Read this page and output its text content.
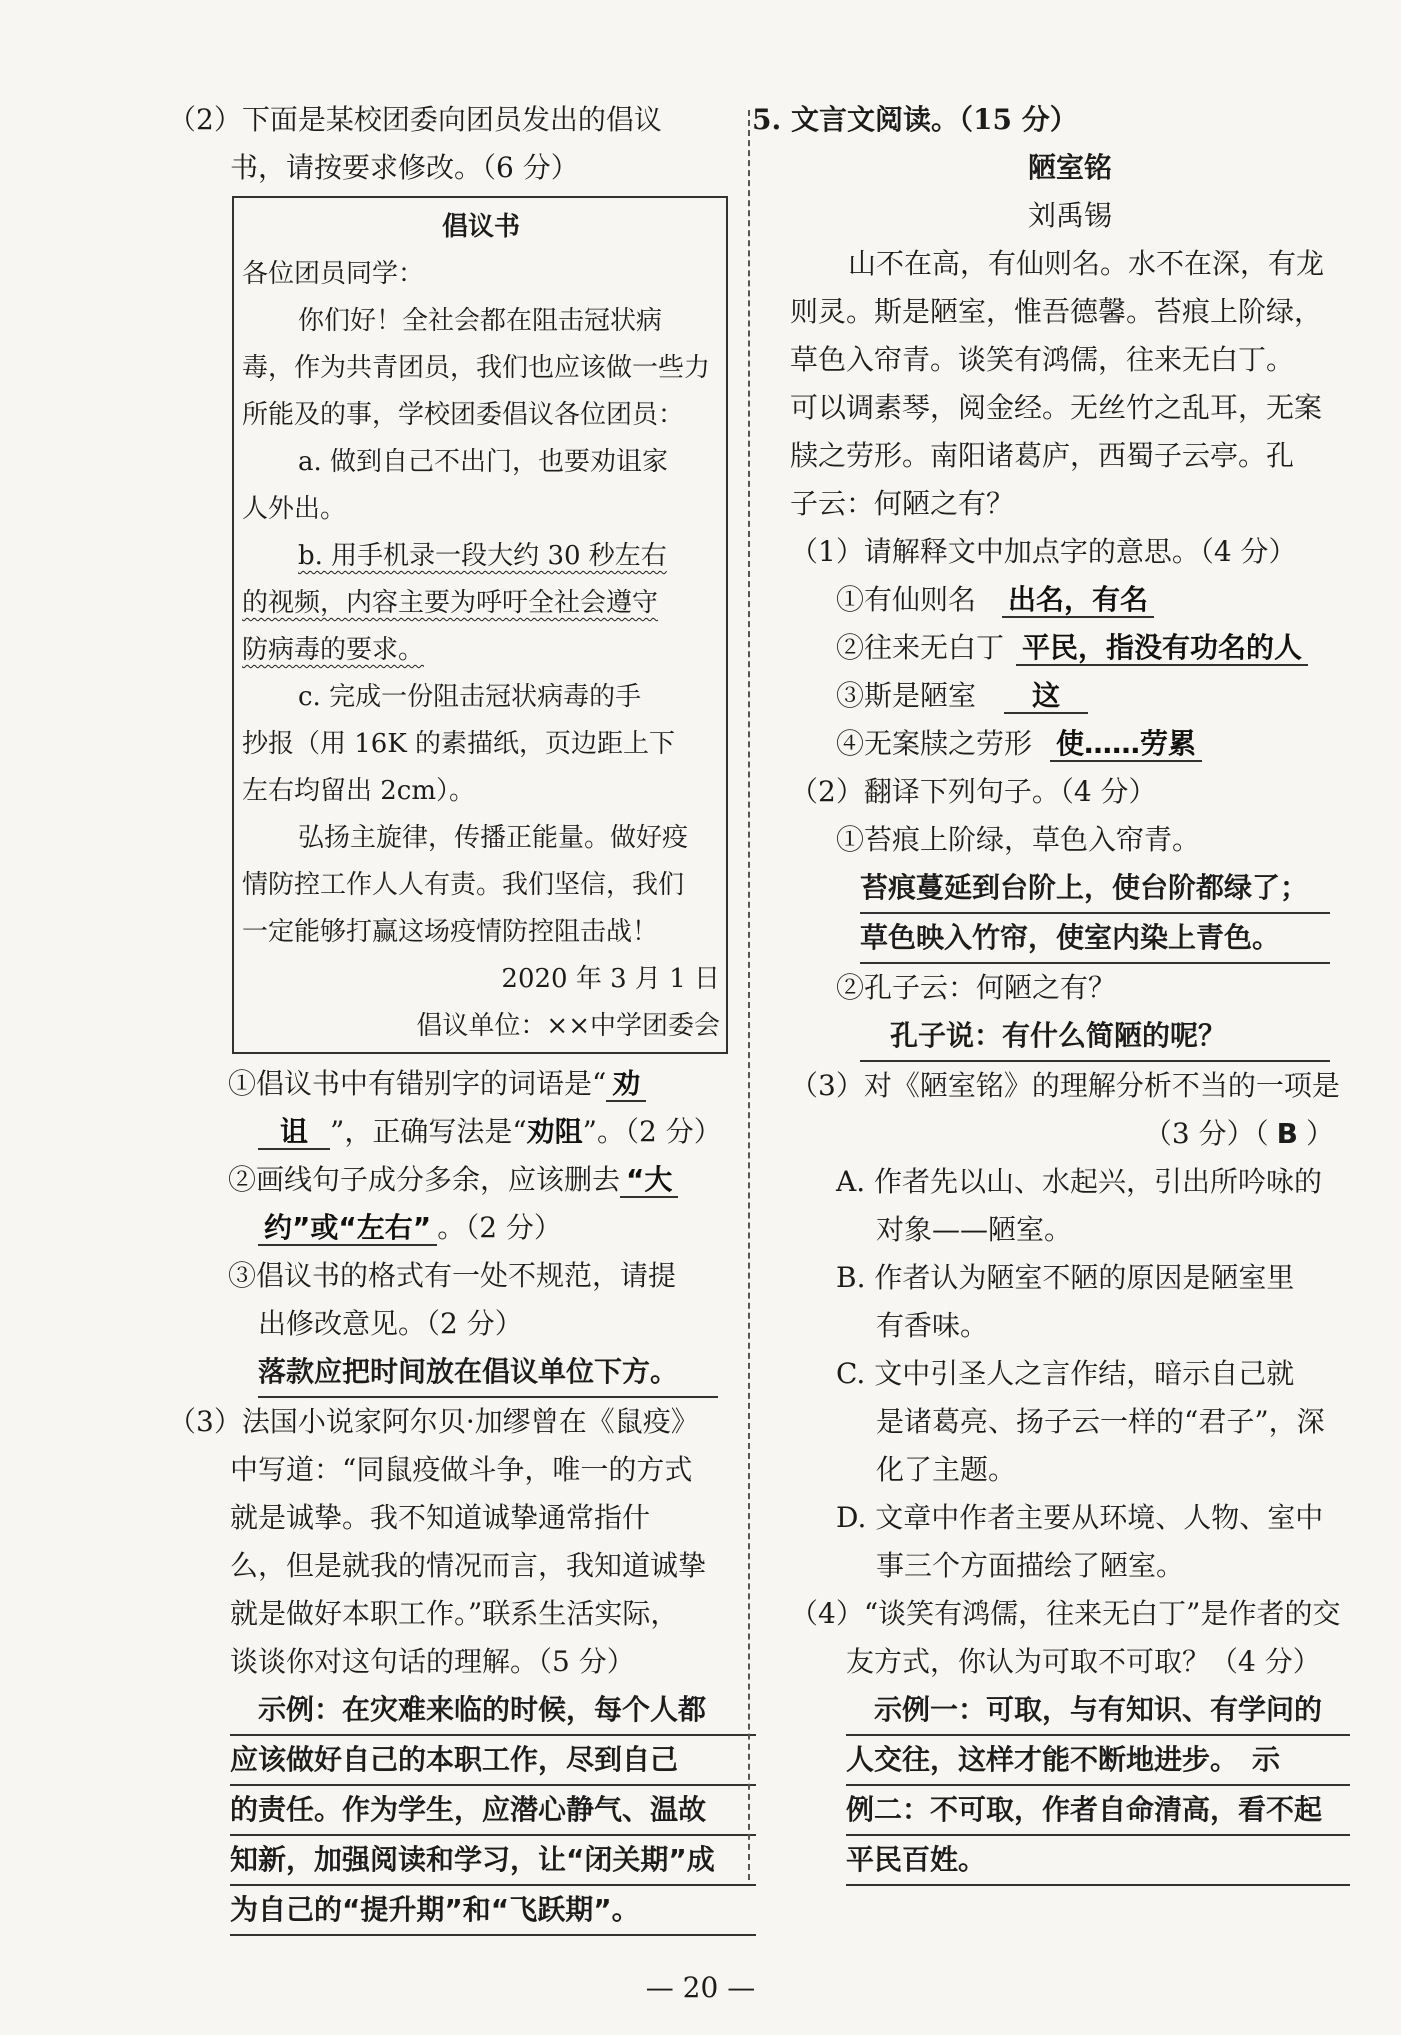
（2）下面是某校团委向团员发出的倡议
书，请按要求修改。（6 分）
倡议书
各位团员同学：
你们好！全社会都在阻击冠状病
毒，作为共青团员，我们也应该做一些力
所能及的事，学校团委倡议各位团员：
a. 做到自己不出门，也要劝诅家
人外出。
b. 用手机录一段大约 30 秒左右
的视频，内容主要为呼吁全社会遵守
防病毒的要求。
c. 完成一份阻击冠状病毒的手
抄报（用 16K 的素描纸，页边距上下
左右均留出 2cm）。
弘扬主旋律，传播正能量。做好疫
情防控工作人人有责。我们坚信，我们
一定能够打赢这场疫情防控阻击战！
2020 年 3 月 1 日
倡议单位：××中学团委会
①倡议书中有错别字的词语是“ 劝
诅 ”，正确写法是“劝阻”。（2 分）
②画线句子成分多余，应该删去 “大
约”或“左右” 。（2 分）
③倡议书的格式有一处不规范，请提
出修改意见。（2 分）
落款应把时间放在倡议单位下方。
（3）法国小说家阿尔贝·加缪曾在《鼠疫》
中写道：“同鼠疫做斗争，唯一的方式
就是诚挚。我不知道诚挚通常指什
么，但是就我的情况而言，我知道诚挚
就是做好本职工作。”联系生活实际，
谈谈你对这句话的理解。（5 分）
示例：在灾难来临的时候，每个人都
应该做好自己的本职工作，尽到自己
的责任。作为学生，应潜心静气、温故
知新，加强阅读和学习，让“闭关期”成
为自己的“提升期”和“飞跃期”。
5. 文言文阅读。（15 分）
陋室铭
刘禹锡
山不在高，有仙则名。水不在深，有龙
则灵。斯是陋室，惟吾德馨。苔痕上阶绿，
草色入帘青。谈笑有鸿儒，往来无白丁。
可以调素琴，阅金经。无丝竹之乱耳，无案
牍之劳形。南阳诸葛庐，西蜀子云亭。孔
子云：何陋之有？
（1）请解释文中加点字的意思。（4 分）
①有仙则名 出名，有名
②往来无白丁 平民，指没有功名的人
③斯是陋室 这
④无案牍之劳形 使……劳累
（2）翻译下列句子。（4 分）
①苔痕上阶绿，草色入帘青。
苔痕蔓延到台阶上，使台阶都绿了；
草色映入竹帘，使室内染上青色。
②孔子云：何陋之有？
孔子说：有什么简陋的呢？
（3）对《陋室铭》的理解分析不当的一项是
（3 分）（ B ）
A. 作者先以山、水起兴，引出所吟咏的
对象——陋室。
B. 作者认为陋室不陋的原因是陋室里
有香味。
C. 文中引圣人之言作结，暗示自己就
是诸葛亮、扬子云一样的“君子”，深
化了主题。
D. 文章中作者主要从环境、人物、室中
事三个方面描绘了陋室。
（4）“谈笑有鸿儒，往来无白丁”是作者的交
友方式，你认为可取不可取？（4 分）
示例一：可取，与有知识、有学问的
人交往，这样才能不断地进步。　示
例二：不可取，作者自命清高，看不起
平民百姓。
— 20 —
